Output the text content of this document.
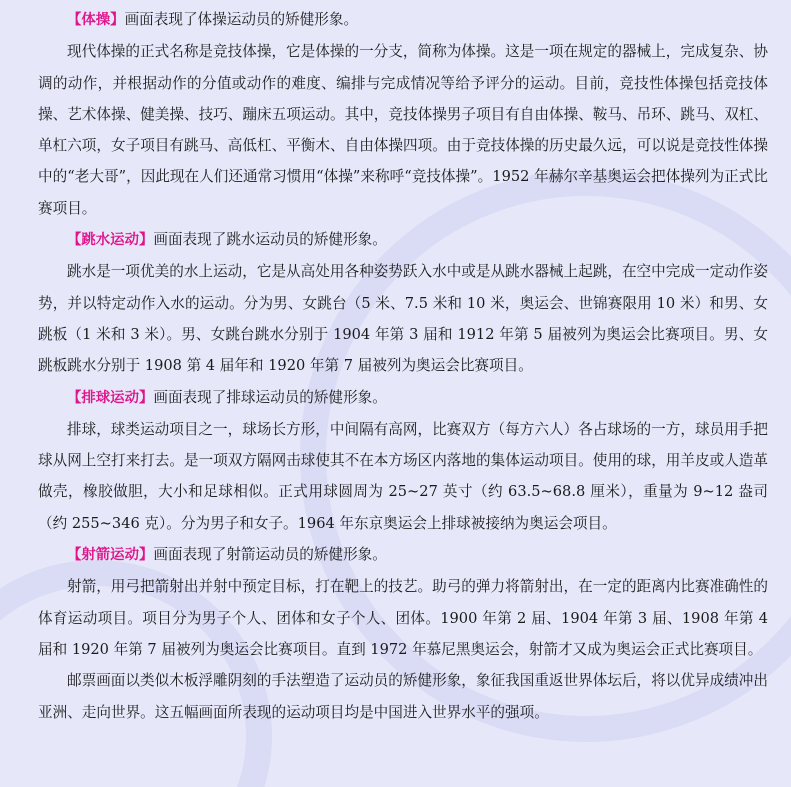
【体操】画面表现了体操运动员的矫健形象。

现代体操的正式名称是竞技体操，它是体操的一分支，简称为体操。这是一项在规定的器械上，完成复杂、协调的动作，并根据动作的分值或动作的难度、编排与完成情况等给予评分的运动。目前，竞技性体操包括竞技体操、艺术体操、健美操、技巧、蹦床五项运动。其中，竞技体操男子项目有自由体操、鞍马、吊环、跳马、双杠、单杠六项，女子项目有跳马、高低杠、平衡木、自由体操四项。由于竞技体操的历史最久远，可以说是竞技性体操中的“老大哥”，因此现在人们还通常习惯用“体操”来称呼“竞技体操”。1952 年赫尔辛基奥运会把体操列为正式比赛项目。

【跳水运动】画面表现了跳水运动员的矫健形象。

跳水是一项优美的水上运动，它是从高处用各种姿势跃入水中或是从跳水器械上起跳，在空中完成一定动作姿势，并以特定动作入水的运动。分为男、女跳台（5 米、7.5 米和 10 米，奥运会、世锦赛限用 10 米）和男、女跳板（1 米和 3 米）。男、女跳台跳水分别于 1904 年第 3 届和 1912 年第 5 届被列为奥运会比赛项目。男、女跳板跳水分别于 1908 第 4 届年和 1920 年第 7 届被列为奥运会比赛项目。

【排球运动】画面表现了排球运动员的矫健形象。

排球，球类运动项目之一，球场长方形，中间隔有高网，比赛双方（每方六人）各占球场的一方，球员用手把球从网上空打来打去。是一项双方隔网击球使其不在本方场区内落地的集体运动项目。使用的球，用羊皮或人造革做壳，橡胶做胆，大小和足球相似。正式用球圆周为 25~27 英寸（约 63.5~68.8 厘米），重量为 9~12 盎司（约 255~346 克）。分为男子和女子。1964 年东京奥运会上排球被接纳为奥运会项目。

【射箭运动】画面表现了射箭运动员的矫健形象。

射箭，用弓把箭射出并射中预定目标，打在靶上的技艺。助弓的弹力将箭射出，在一定的距离内比赛准确性的体育运动项目。项目分为男子个人、团体和女子个人、团体。1900 年第 2 届、1904 年第 3 届、1908 年第 4 届和 1920 年第 7 届被列为奥运会比赛项目。直到 1972 年慕尼黑奥运会，射箭才又成为奥运会正式比赛项目。

邮票画面以类似木板浮雕阴刻的手法塑造了运动员的矫健形象，象征我国重返世界体坛后，将以优异成绩冲出亚洲、走向世界。这五幅画面所表现的运动项目均是中国进入世界水平的强项。
